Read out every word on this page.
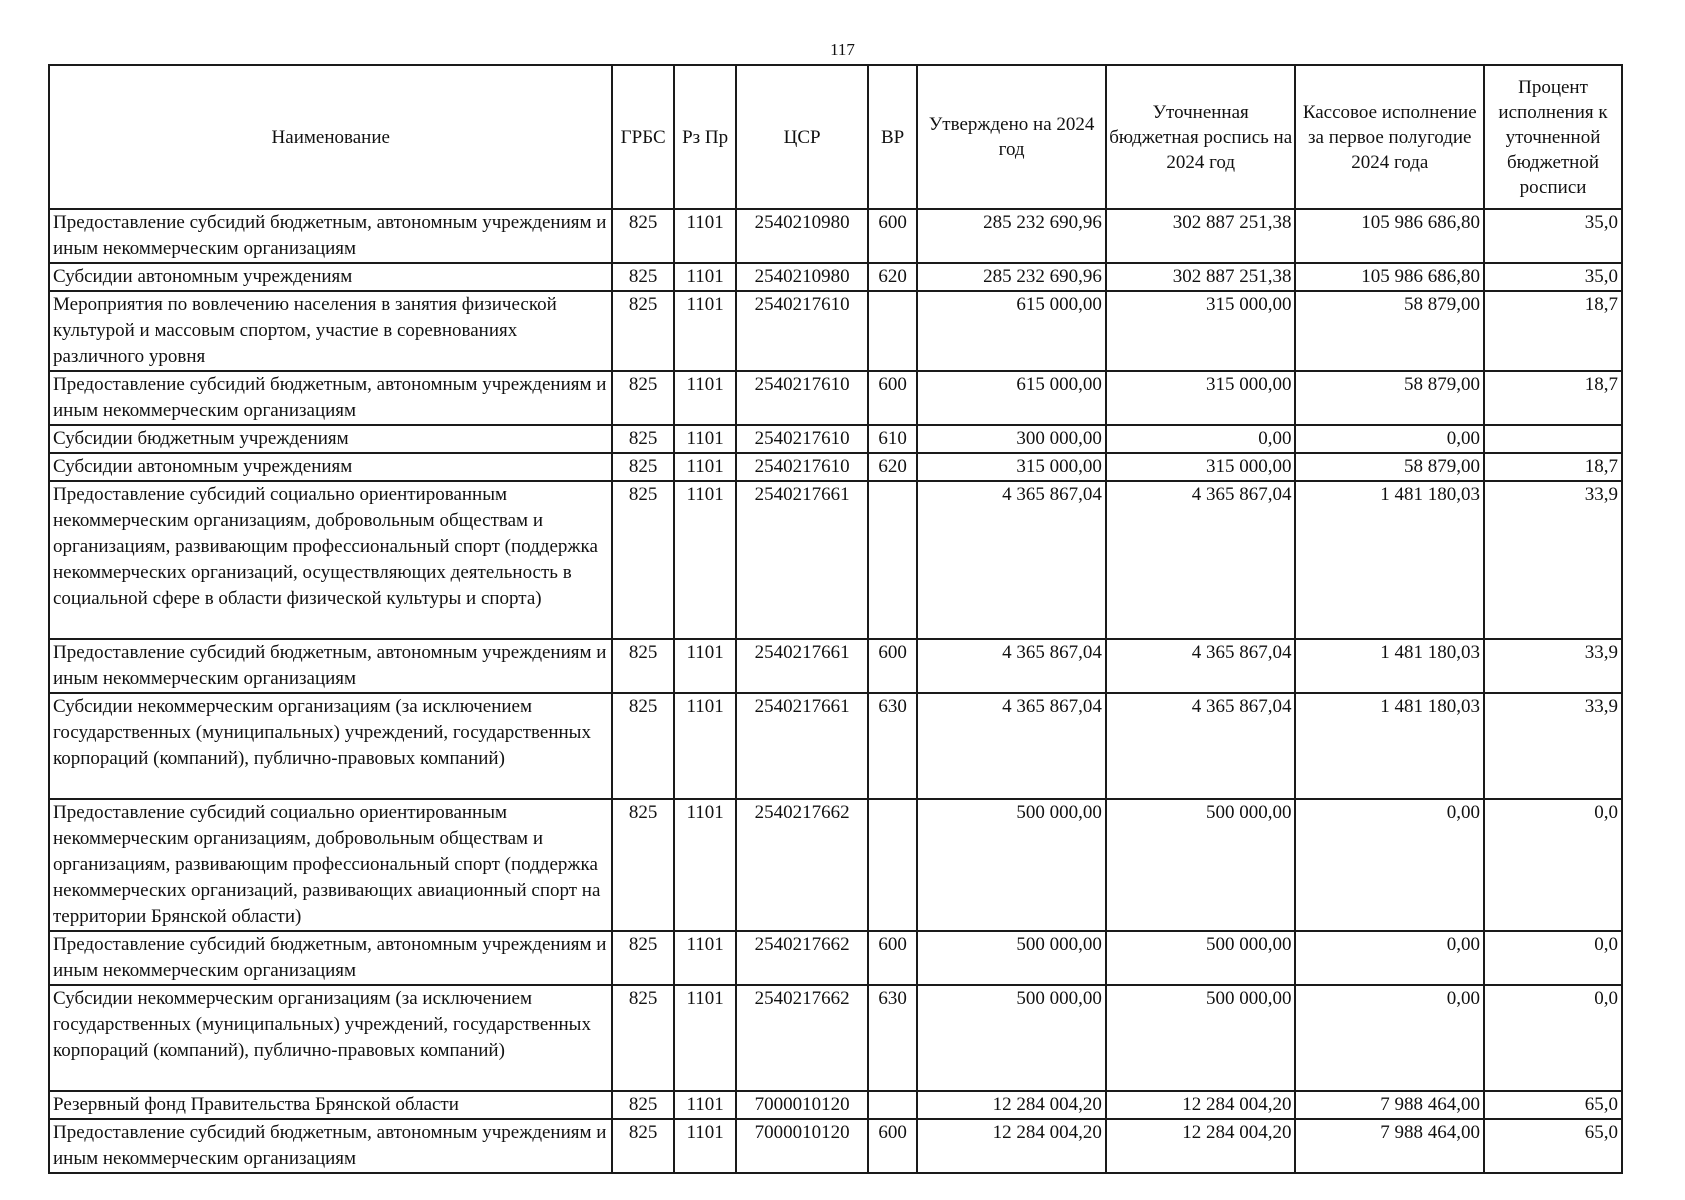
117
Наименование	ГРБС	Рз Пр	ЦСР	ВР	Утверждено на 2024 год	Уточненная бюджетная роспись на 2024 год	Кассовое исполнение за первое полугодие 2024 года	Процент исполнения к уточненной бюджетной росписи
Предоставление субсидий бюджетным, автономным учреждениям и иным некоммерческим организациям	825	1101	2540210980	600	285 232 690,96	302 887 251,38	105 986 686,80	35,0
Субсидии автономным учреждениям	825	1101	2540210980	620	285 232 690,96	302 887 251,38	105 986 686,80	35,0
Мероприятия по вовлечению населения в занятия физической культурой и массовым спортом, участие в соревнованиях различного уровня	825	1101	2540217610		615 000,00	315 000,00	58 879,00	18,7
Предоставление субсидий бюджетным, автономным учреждениям и иным некоммерческим организациям	825	1101	2540217610	600	615 000,00	315 000,00	58 879,00	18,7
Субсидии бюджетным учреждениям	825	1101	2540217610	610	300 000,00	0,00	0,00	
Субсидии автономным учреждениям	825	1101	2540217610	620	315 000,00	315 000,00	58 879,00	18,7
Предоставление субсидий социально ориентированным некоммерческим организациям, добровольным обществам и организациям, развивающим профессиональный спорт (поддержка некоммерческих организаций, осуществляющих деятельность в социальной сфере в области физической культуры и спорта)	825	1101	2540217661		4 365 867,04	4 365 867,04	1 481 180,03	33,9
Предоставление субсидий бюджетным, автономным учреждениям и иным некоммерческим организациям	825	1101	2540217661	600	4 365 867,04	4 365 867,04	1 481 180,03	33,9
Субсидии некоммерческим организациям (за исключением государственных (муниципальных) учреждений, государственных корпораций (компаний), публично-правовых компаний)	825	1101	2540217661	630	4 365 867,04	4 365 867,04	1 481 180,03	33,9
Предоставление субсидий социально ориентированным некоммерческим организациям, добровольным обществам и организациям, развивающим профессиональный спорт (поддержка некоммерческих организаций, развивающих авиационный спорт на территории Брянской области)	825	1101	2540217662		500 000,00	500 000,00	0,00	0,0
Предоставление субсидий бюджетным, автономным учреждениям и иным некоммерческим организациям	825	1101	2540217662	600	500 000,00	500 000,00	0,00	0,0
Субсидии некоммерческим организациям (за исключением государственных (муниципальных) учреждений, государственных корпораций (компаний), публично-правовых компаний)	825	1101	2540217662	630	500 000,00	500 000,00	0,00	0,0
Резервный фонд Правительства Брянской области	825	1101	7000010120		12 284 004,20	12 284 004,20	7 988 464,00	65,0
Предоставление субсидий бюджетным, автономным учреждениям и иным некоммерческим организациям	825	1101	7000010120	600	12 284 004,20	12 284 004,20	7 988 464,00	65,0
